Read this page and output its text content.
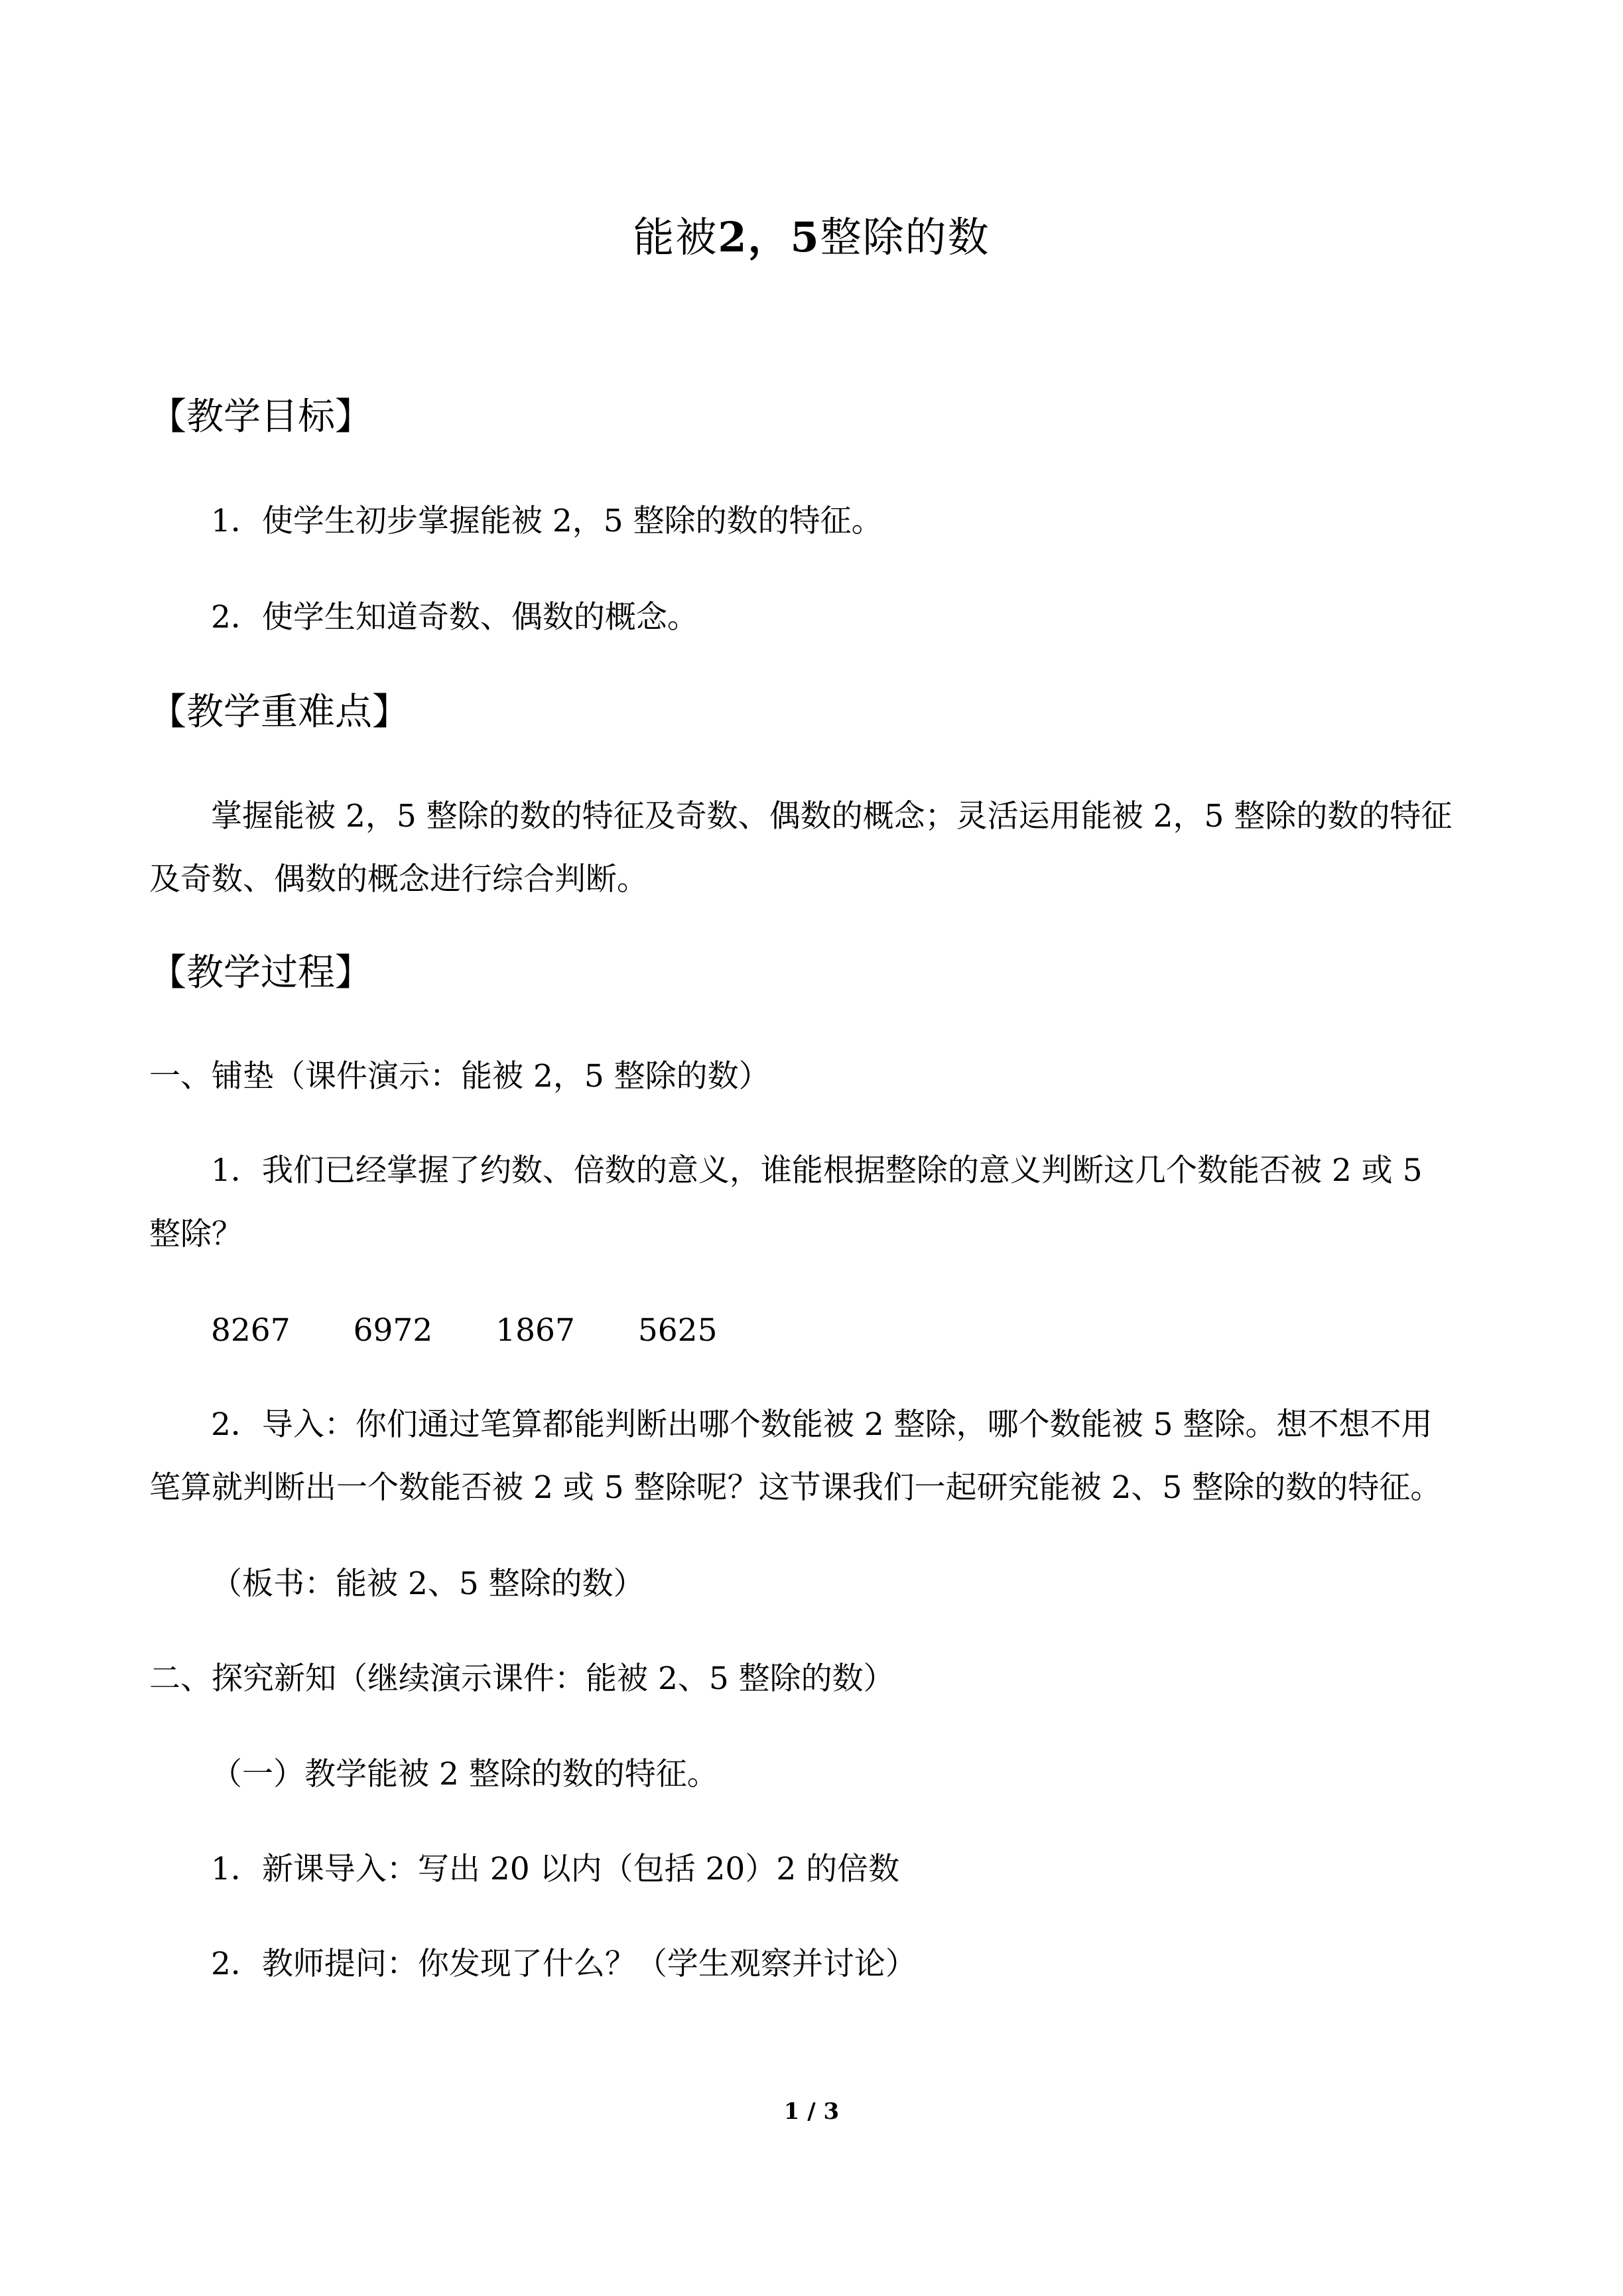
能被2，5整除的数
【教学目标】
1．使学生初步掌握能被 2，5 整除的数的特征。
2．使学生知道奇数、偶数的概念。
【教学重难点】
掌握能被 2，5 整除的数的特征及奇数、偶数的概念；灵活运用能被 2，5 整除的数的特征
及奇数、偶数的概念进行综合判断。
【教学过程】
一、铺垫（课件演示：能被 2，5 整除的数）
1．我们已经掌握了约数、倍数的意义，谁能根据整除的意义判断这几个数能否被 2 或 5
整除？
8267 6972 1867 5625
2．导入：你们通过笔算都能判断出哪个数能被 2 整除，哪个数能被 5 整除。想不想不用
笔算就判断出一个数能否被 2 或 5 整除呢？这节课我们一起研究能被 2、5 整除的数的特征。
（板书：能被 2、5 整除的数）
二、探究新知（继续演示课件：能被 2、5 整除的数）
（一）教学能被 2 整除的数的特征。
1．新课导入：写出 20 以内（包括 20）2 的倍数
2．教师提问：你发现了什么？（学生观察并讨论）
1 / 3
